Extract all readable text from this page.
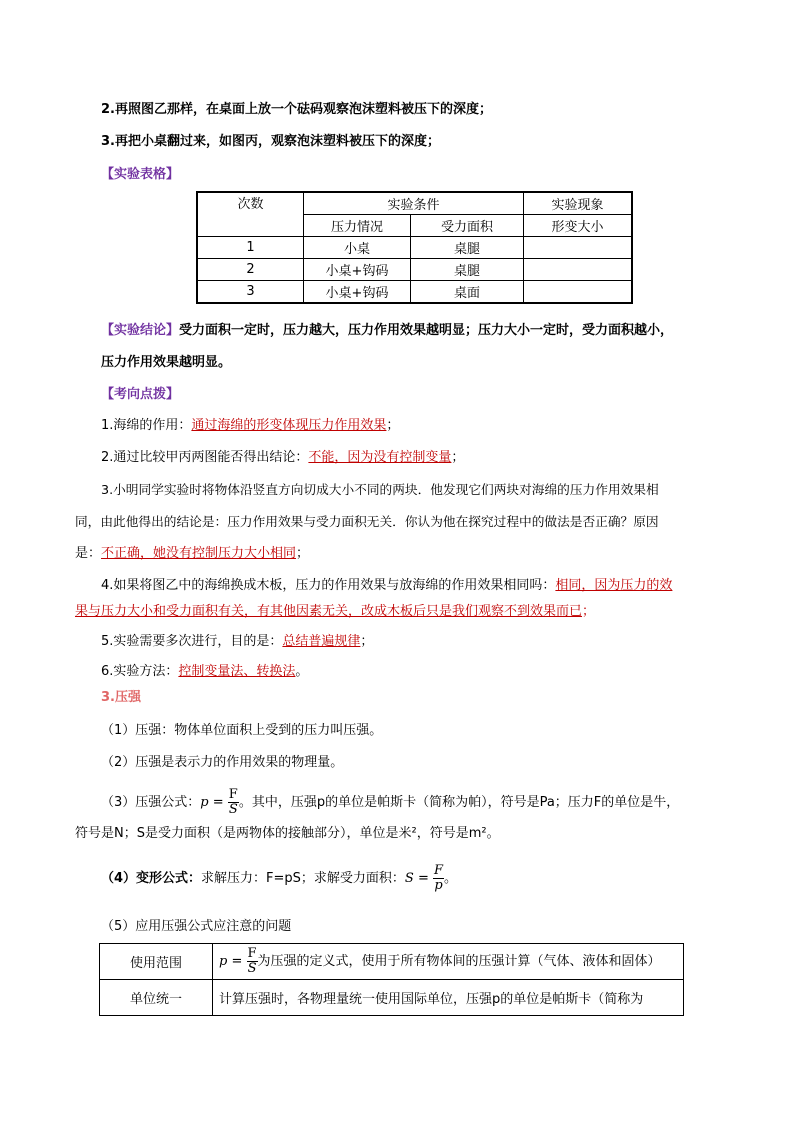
2.再照图乙那样，在桌面上放一个砝码观察泡沫塑料被压下的深度；
3.再把小桌翻过来，如图丙，观察泡沫塑料被压下的深度；
【实验表格】
次数	实验条件		实验现象
	压力情况	受力面积	形变大小
1	小桌	桌腿	
2	小桌+钩码	桌腿	
3	小桌+钩码	桌面	
【实验结论】受力面积一定时，压力越大，压力作用效果越明显；压力大小一定时，受力面积越小，
压力作用效果越明显。
【考向点拨】
1.海绵的作用：通过海绵的形变体现压力作用效果；
2.通过比较甲丙两图能否得出结论：不能，因为没有控制变量；
3.小明同学实验时将物体沿竖直方向切成大小不同的两块．他发现它们两块对海绵的压力作用效果相
同，由此他得出的结论是：压力作用效果与受力面积无关．你认为他在探究过程中的做法是否正确？原因
是：不正确，她没有控制压力大小相同；
4.如果将图乙中的海绵换成木板，压力的作用效果与放海绵的作用效果相同吗：相同，因为压力的效
果与压力大小和受力面积有关，有其他因素无关，改成木板后只是我们观察不到效果而已；
5.实验需要多次进行，目的是：总结普遍规律；
6.实验方法：控制变量法、转换法。
3.压强
（1）压强：物体单位面积上受到的压力叫压强。
（2）压强是表示力的作用效果的物理量。
（3）压强公式：$p = \frac{F}{S}$ 。其中，压强p的单位是帕斯卡（简称为帕），符号是Pa；压力F的单位是牛，
符号是N；S是受力面积（是两物体的接触部分），单位是米²，符号是m²。
（4）变形公式：求解压力：F=pS；求解受力面积：$S = \frac{F}{p}$ 。
（5）应用压强公式应注意的问题
使用范围	$p = \frac{F}{S}$ 为压强的定义式，使用于所有物体间的压强计算（气体、液体和固体）
单位统一	计算压强时，各物理量统一使用国际单位，压强p的单位是帕斯卡（简称为
